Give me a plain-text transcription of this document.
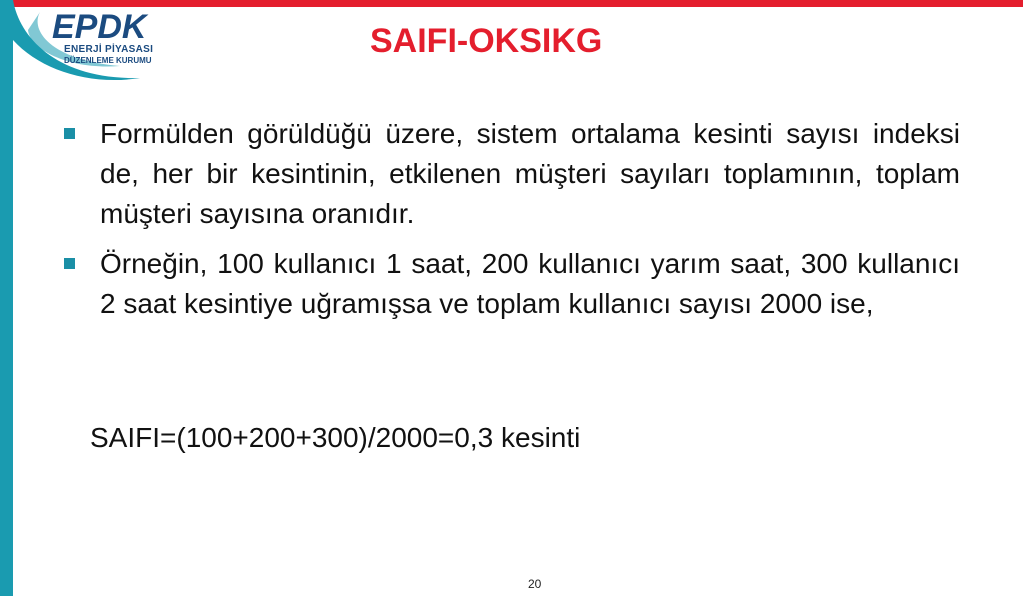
EPDK
ENERJİ PİYASASI
DÜZENLEME KURUMU
SAIFI-OKSIKG
Formülden görüldüğü üzere, sistem ortalama kesinti sayısı indeksi de, her bir kesintinin, etkilenen müşteri sayıları toplamının, toplam müşteri sayısına oranıdır.
Örneğin, 100 kullanıcı 1 saat, 200 kullanıcı yarım saat, 300 kullanıcı 2 saat kesintiye uğramışsa ve toplam kullanıcı sayısı 2000 ise,
SAIFI=(100+200+300)/2000=0,3 kesinti
20
